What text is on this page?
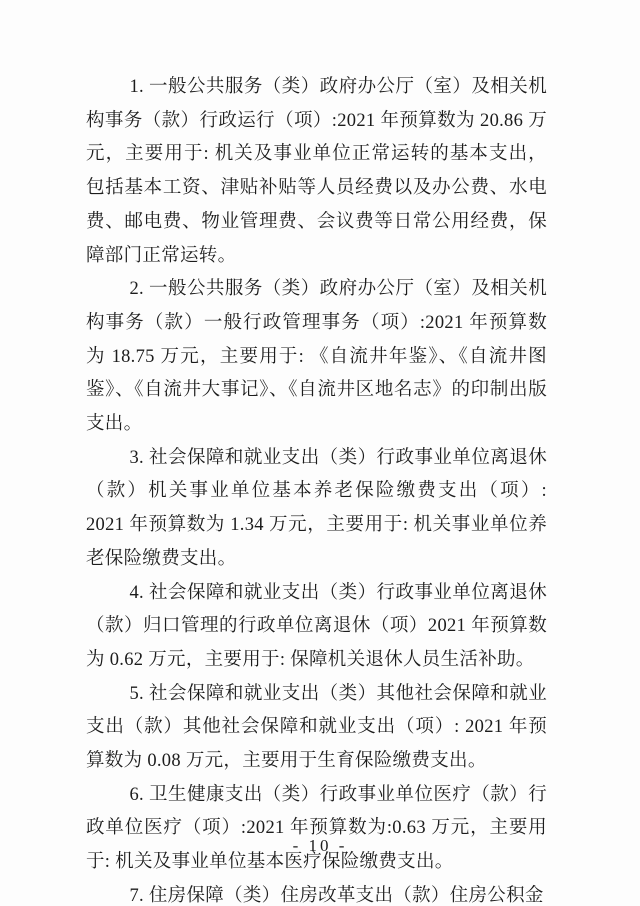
1. 一般公共服务（类）政府办公厅（室）及相关机构事务（款）行政运行（项）:2021 年预算数为 20.86 万元，主要用于: 机关及事业单位正常运转的基本支出，包括基本工资、津贴补贴等人员经费以及办公费、水电费、邮电费、物业管理费、会议费等日常公用经费，保障部门正常运转。

2. 一般公共服务（类）政府办公厅（室）及相关机构事务（款）一般行政管理事务（项）:2021 年预算数为 18.75 万元，主要用于: 《自流井年鉴》、《自流井图鉴》、《自流井大事记》、《自流井区地名志》的印制出版支出。

3. 社会保障和就业支出（类）行政事业单位离退休（款）机关事业单位基本养老保险缴费支出（项）: 2021 年预算数为 1.34 万元，主要用于: 机关事业单位养老保险缴费支出。

4. 社会保障和就业支出（类）行政事业单位离退休（款）归口管理的行政单位离退休（项）2021 年预算数为 0.62 万元，主要用于: 保障机关退休人员生活补助。

5. 社会保障和就业支出（类）其他社会保障和就业支出（款）其他社会保障和就业支出（项）: 2021 年预算数为 0.08 万元，主要用于生育保险缴费支出。

6. 卫生健康支出（类）行政事业单位医疗（款）行政单位医疗（项）:2021 年预算数为:0.63 万元，主要用于: 机关及事业单位基本医疗保险缴费支出。

7. 住房保障（类）住房改革支出（款）住房公积金

- 10 -
